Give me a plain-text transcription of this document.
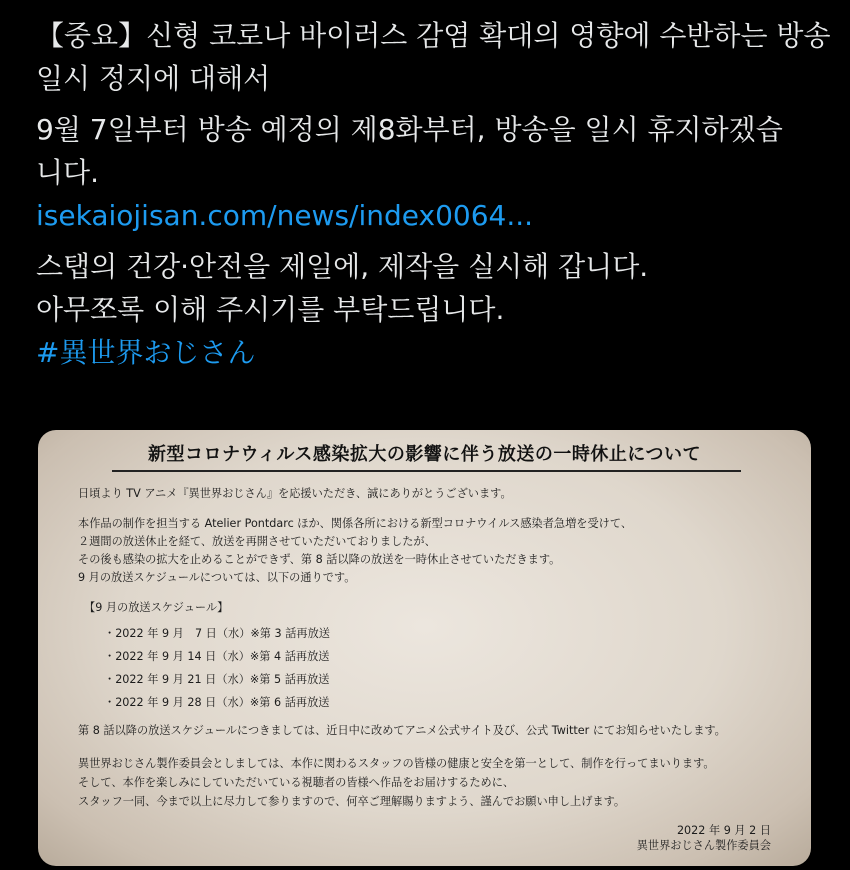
【중요】신형 코로나 바이러스 감염 확대의 영향에 수반하는 방송
일시 정지에 대해서
9월 7일부터 방송 예정의 제8화부터, 방송을 일시 휴지하겠습
니다.
isekaiojisan.com/news/index0064...
스탭의 건강·안전을 제일에, 제작을 실시해 갑니다.
아무쪼록 이해 주시기를 부탁드립니다.
#異世界おじさん
新型コロナウィルス感染拡大の影響に伴う放送の一時休止について
日頃より TV アニメ『異世界おじさん』を応援いただき、誠にありがとうございます。
本作品の制作を担当する Atelier Pontdarc ほか、関係各所における新型コロナウイルス感染者急増を受けて、
２週間の放送休止を経て、放送を再開させていただいておりましたが、
その後も感染の拡大を止めることができず、第 8 話以降の放送を一時休止させていただきます。
9 月の放送スケジュールについては、以下の通りです。
【9 月の放送スケジュール】
・2022 年 9 月　7 日（水）※第 3 話再放送
・2022 年 9 月 14 日（水）※第 4 話再放送
・2022 年 9 月 21 日（水）※第 5 話再放送
・2022 年 9 月 28 日（水）※第 6 話再放送
第 8 話以降の放送スケジュールにつきましては、近日中に改めてアニメ公式サイト及び、公式 Twitter にてお知らせいたします。
異世界おじさん製作委員会としましては、本作に関わるスタッフの皆様の健康と安全を第一として、制作を行ってまいります。
そして、本作を楽しみにしていただいている視聴者の皆様へ作品をお届けするために、
スタッフ一同、今まで以上に尽力して参りますので、何卒ご理解賜りますよう、謹んでお願い申し上げます。
2022 年 9 月 2 日
異世界おじさん製作委員会
